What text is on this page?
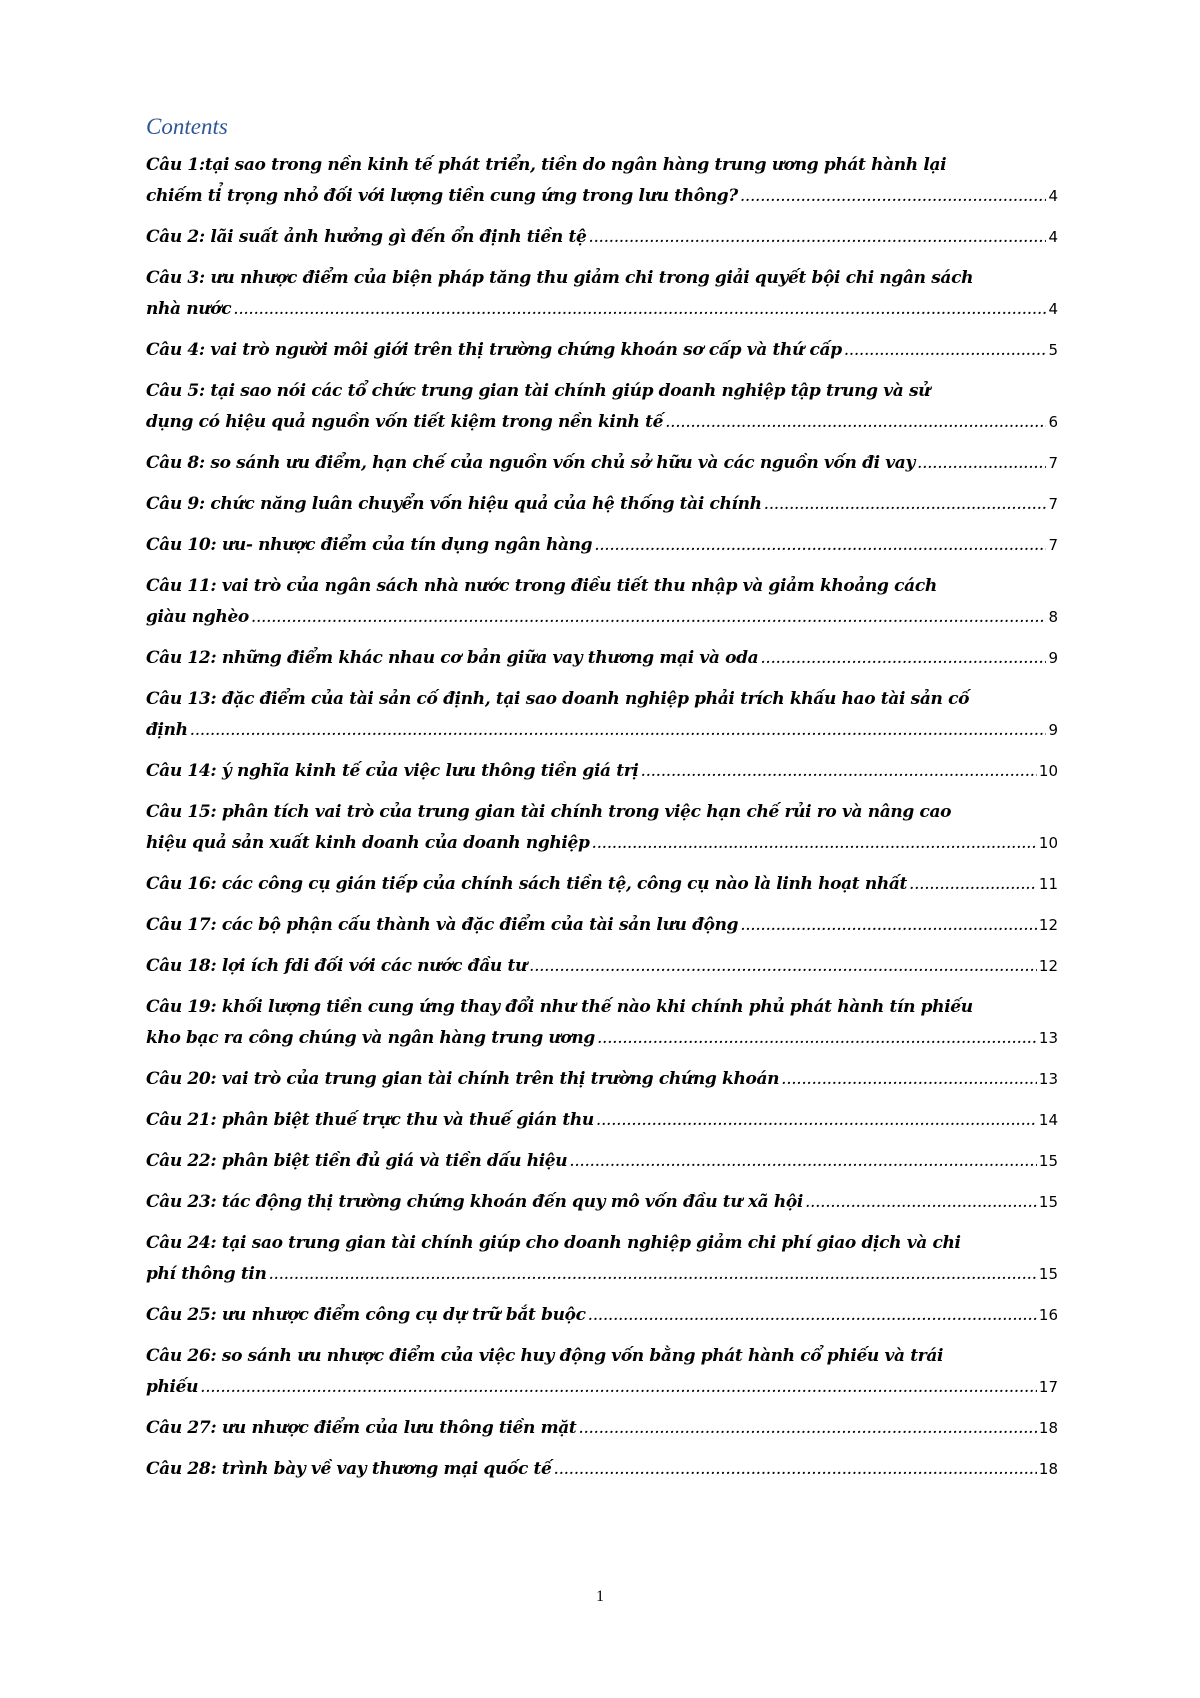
Contents
Câu 1:tại sao trong nền kinh tế phát triển, tiền do ngân hàng trung ương phát hành lại
chiếm tỉ trọng nhỏ đối với lượng tiền cung ứng trong lưu thông? .....	4
Câu 2: lãi suất ảnh hưởng gì đến ổn định tiền tệ .....	4
Câu 3: ưu nhược điểm của biện pháp tăng thu giảm chi trong giải quyết bội chi ngân sách
nhà nước .....	4
Câu 4: vai trò người môi giới trên thị trường chứng khoán sơ cấp và thứ cấp .....	5
Câu 5: tại sao nói các tổ chức trung gian tài chính giúp doanh nghiệp tập trung và sử
dụng có hiệu quả nguồn vốn tiết kiệm trong nền kinh tế .....	6
Câu 8: so sánh ưu điểm, hạn chế của nguồn vốn chủ sở hữu và các nguồn vốn đi vay .....	7
Câu 9: chức năng luân chuyển vốn hiệu quả của hệ thống tài chính .....	7
Câu 10: ưu- nhược điểm của tín dụng ngân hàng .....	7
Câu 11: vai trò của ngân sách nhà nước trong điều tiết thu nhập và giảm khoảng cách
giàu nghèo .....	8
Câu 12: những điểm khác nhau cơ bản giữa vay thương mại và oda .....	9
Câu 13: đặc điểm của tài sản cố định, tại sao doanh nghiệp phải trích khấu hao tài sản cố
định .....	9
Câu 14: ý nghĩa kinh tế của việc lưu thông tiền giá trị .....	10
Câu 15: phân tích vai trò của trung gian tài chính trong việc hạn chế rủi ro và nâng cao
hiệu quả sản xuất kinh doanh của doanh nghiệp .....	10
Câu 16: các công cụ gián tiếp của chính sách tiền tệ, công cụ nào là linh hoạt nhất .....	11
Câu 17: các bộ phận cấu thành và đặc điểm của tài sản lưu động .....	12
Câu 18: lợi ích fdi đối với các nước đầu tư .....	12
Câu 19: khối lượng tiền cung ứng thay đổi như thế nào khi chính phủ phát hành tín phiếu
kho bạc ra công chúng và ngân hàng trung ương .....	13
Câu 20: vai trò của trung gian tài chính trên thị trường chứng khoán .....	13
Câu 21: phân biệt thuế trực thu và thuế gián thu .....	14
Câu 22: phân biệt tiền đủ giá và tiền dấu hiệu .....	15
Câu 23: tác động thị trường chứng khoán đến quy mô vốn đầu tư xã hội .....	15
Câu 24: tại sao trung gian tài chính giúp cho doanh nghiệp giảm chi phí giao dịch và chi
phí thông tin .....	15
Câu 25: ưu nhược điểm công cụ dự trữ bắt buộc .....	16
Câu 26: so sánh ưu nhược điểm của việc huy động vốn bằng phát hành cổ phiếu và trái
phiếu .....	17
Câu 27: ưu nhược điểm của lưu thông tiền mặt .....	18
Câu 28: trình bày về vay thương mại quốc tế .....	18
1
